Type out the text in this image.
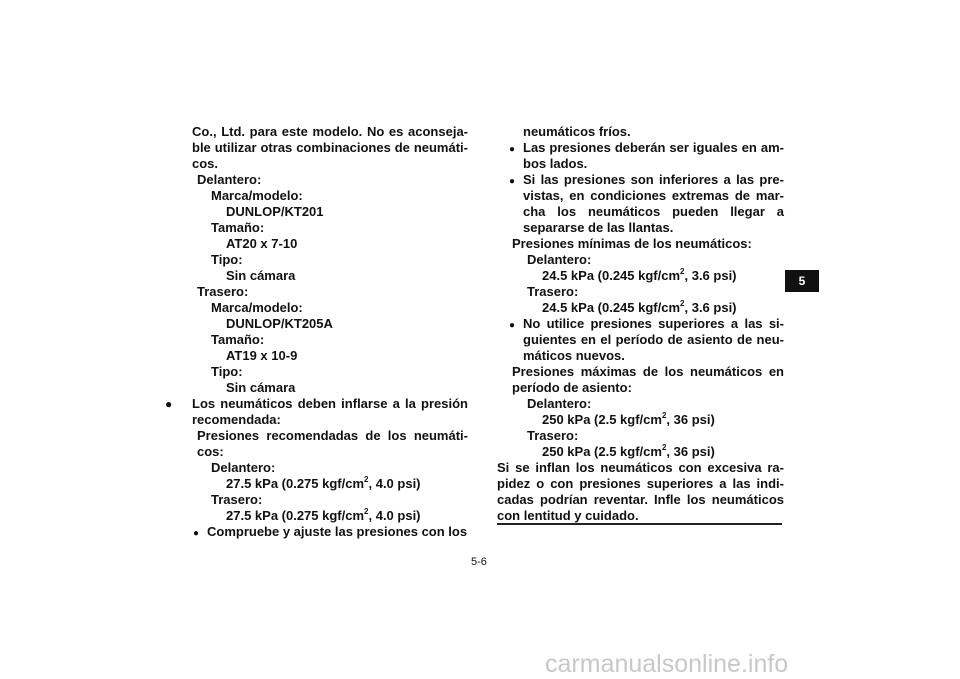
Co., Ltd. para este modelo. No es aconseja-
ble utilizar otras combinaciones de neumáti-
cos.
Delantero:
Marca/modelo:
DUNLOP/KT201
Tamaño:
AT20 x 7-10
Tipo:
Sin cámara
Trasero:
Marca/modelo:
DUNLOP/KT205A
Tamaño:
AT19 x 10-9
Tipo:
Sin cámara
●	Los neumáticos deben inflarse a la presión
recomendada:
Presiones recomendadas de los neumáti-
cos:
Delantero:
27.5 kPa (0.275 kgf/$cm^2$, 4.0 psi)
Trasero:
27.5 kPa (0.275 kgf/$cm^2$, 4.0 psi)
● Compruebe y ajuste las presiones con los
neumáticos fríos.
● Las presiones deberán ser iguales en am-
bos lados.
● Si las presiones son inferiores a las pre-
vistas, en condiciones extremas de mar-
cha los neumáticos pueden llegar a
separarse de las llantas.
Presiones mínimas de los neumáticos:
Delantero:
24.5 kPa (0.245 kgf/$cm^2$, 3.6 psi)
Trasero:
24.5 kPa (0.245 kgf/$cm^2$, 3.6 psi)
● No utilice presiones superiores a las si-
guientes en el período de asiento de neu-
máticos nuevos.
Presiones máximas de los neumáticos en
período de asiento:
Delantero:
250 kPa (2.5 kgf/$cm^2$, 36 psi)
Trasero:
250 kPa (2.5 kgf/$cm^2$, 36 psi)
Si se inflan los neumáticos con excesiva ra-
pidez o con presiones superiores a las indi-
cadas podrían reventar. Infle los neumáticos
con lentitud y cuidado.
5-6
5
carmanualsonline.info
